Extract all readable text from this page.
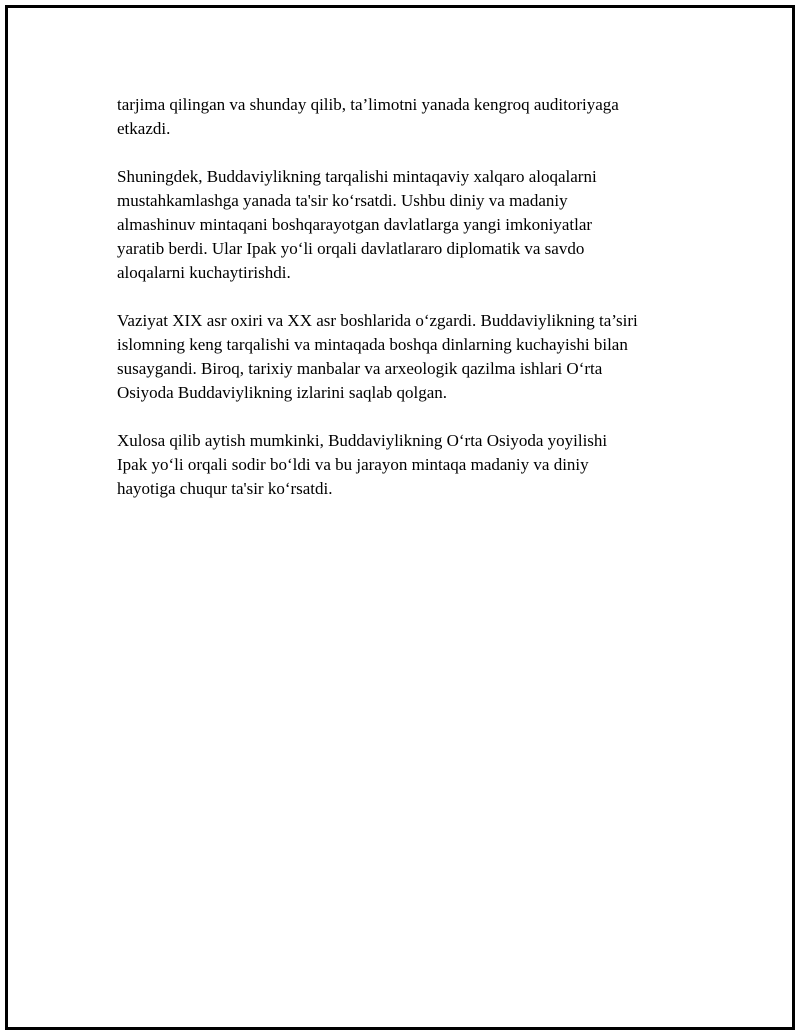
tarjima qilingan va shunday qilib, ta’limotni yanada kengroq auditoriyaga
etkazdi.

Shuningdek, Buddaviylikning tarqalishi mintaqaviy xalqaro aloqalarni
mustahkamlashga yanada ta'sir ko‘rsatdi. Ushbu diniy va madaniy
almashinuv mintaqani boshqarayotgan davlatlarga yangi imkoniyatlar
yaratib berdi. Ular Ipak yo‘li orqali davlatlararo diplomatik va savdo
aloqalarni kuchaytirishdi.

Vaziyat XIX asr oxiri va XX asr boshlarida o‘zgardi. Buddaviylikning ta’siri
islomning keng tarqalishi va mintaqada boshqa dinlarning kuchayishi bilan
susaygandi. Biroq, tarixiy manbalar va arxeologik qazilma ishlari O‘rta
Osiyoda Buddaviylikning izlarini saqlab qolgan.

Xulosa qilib aytish mumkinki, Buddaviylikning O‘rta Osiyoda yoyilishi
Ipak yo‘li orqali sodir bo‘ldi va bu jarayon mintaqa madaniy va diniy
hayotiga chuqur ta'sir ko‘rsatdi.
